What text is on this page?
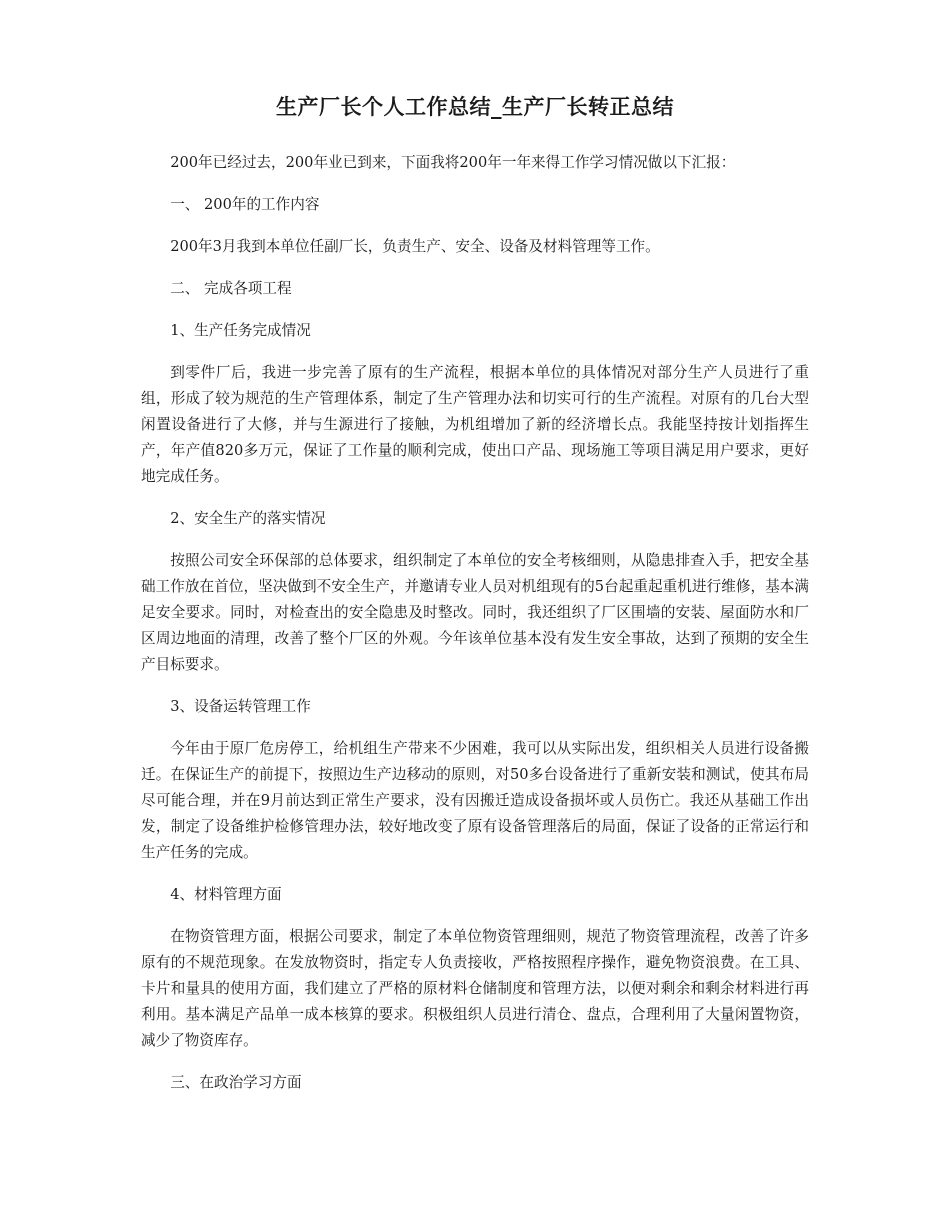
生产厂长个人工作总结_生产厂长转正总结
200年已经过去，200年业已到来，下面我将200年一年来得工作学习情况做以下汇报：
一、 200年的工作内容
200年3月我到本单位任副厂长，负责生产、安全、设备及材料管理等工作。
二、 完成各项工程
1、生产任务完成情况
到零件厂后，我进一步完善了原有的生产流程，根据本单位的具体情况对部分生产人员进行了重组，形成了较为规范的生产管理体系，制定了生产管理办法和切实可行的生产流程。对原有的几台大型闲置设备进行了大修，并与生源进行了接触，为机组增加了新的经济增长点。我能坚持按计划指挥生产，年产值820多万元，保证了工作量的顺利完成，使出口产品、现场施工等项目满足用户要求，更好地完成任务。
2、安全生产的落实情况
按照公司安全环保部的总体要求，组织制定了本单位的安全考核细则，从隐患排查入手，把安全基础工作放在首位，坚决做到不安全生产，并邀请专业人员对机组现有的5台起重起重机进行维修，基本满足安全要求。同时，对检查出的安全隐患及时整改。同时，我还组织了厂区围墙的安装、屋面防水和厂区周边地面的清理，改善了整个厂区的外观。今年该单位基本没有发生安全事故，达到了预期的安全生产目标要求。
3、设备运转管理工作
今年由于原厂危房停工，给机组生产带来不少困难，我可以从实际出发，组织相关人员进行设备搬迁。在保证生产的前提下，按照边生产边移动的原则，对50多台设备进行了重新安装和测试，使其布局尽可能合理，并在9月前达到正常生产要求，没有因搬迁造成设备损坏或人员伤亡。我还从基础工作出发，制定了设备维护检修管理办法，较好地改变了原有设备管理落后的局面，保证了设备的正常运行和生产任务的完成。
4、材料管理方面
在物资管理方面，根据公司要求，制定了本单位物资管理细则，规范了物资管理流程，改善了许多原有的不规范现象。在发放物资时，指定专人负责接收，严格按照程序操作，避免物资浪费。在工具、卡片和量具的使用方面，我们建立了严格的原材料仓储制度和管理方法，以便对剩余和剩余材料进行再利用。基本满足产品单一成本核算的要求。积极组织人员进行清仓、盘点，合理利用了大量闲置物资，减少了物资库存。
三、在政治学习方面
